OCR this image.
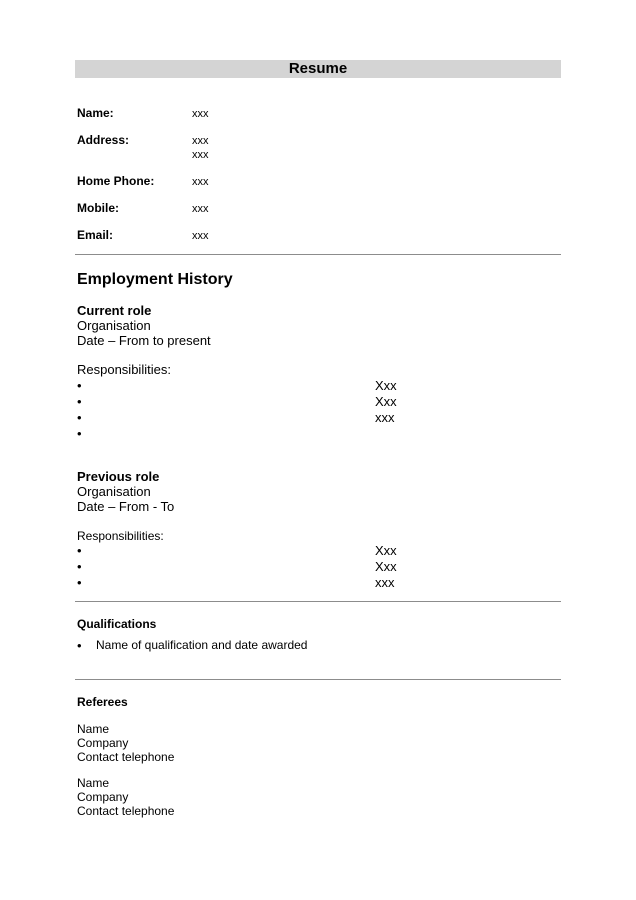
Resume
Name:	xxx
Address:	xxx
xxx
Home Phone:	xxx
Mobile:	xxx
Email:	xxx
Employment History
Current role
Organisation
Date – From to present
Responsibilities:
•	Xxx
•	Xxx
•	xxx
•
Previous role
Organisation
Date – From - To
Responsibilities:
•	Xxx
•	Xxx
•	xxx
Qualifications
• Name of qualification and date awarded
Referees
Name
Company
Contact telephone
Name
Company
Contact telephone
